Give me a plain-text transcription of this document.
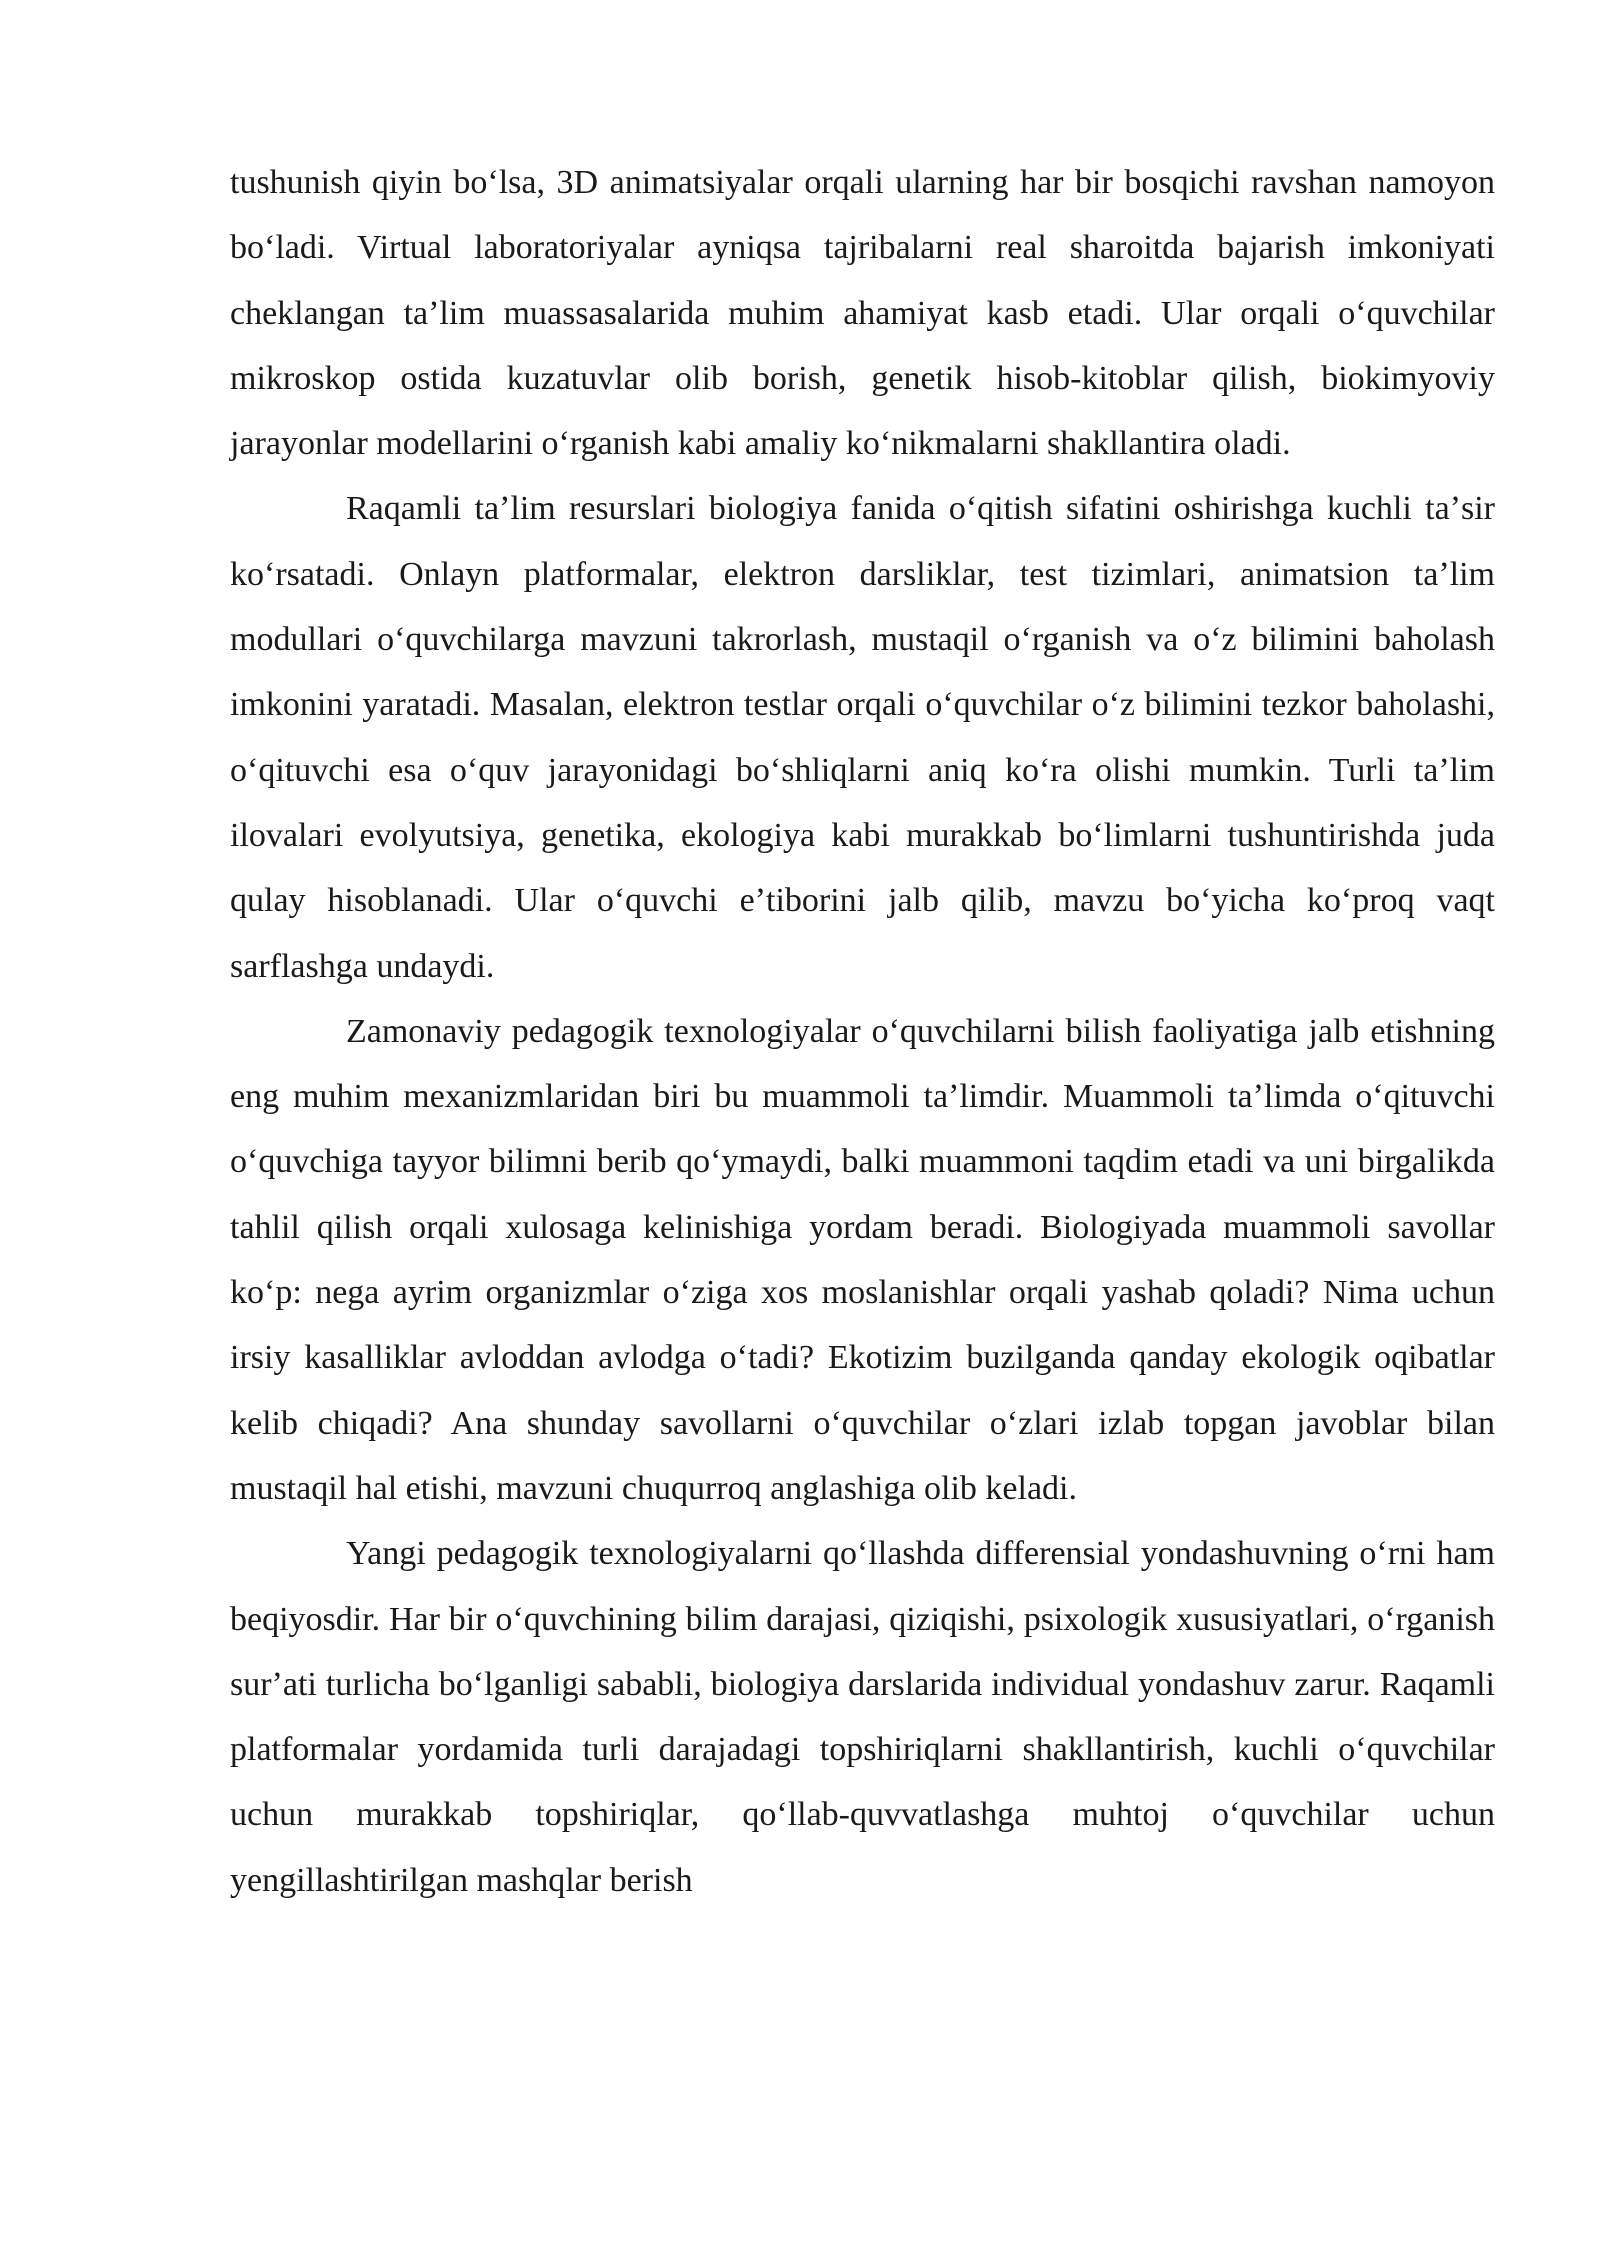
tushunish qiyin boʻlsa, 3D animatsiyalar orqali ularning har bir bosqichi ravshan namoyon boʻladi. Virtual laboratoriyalar ayniqsa tajribalarni real sharoitda bajarish imkoniyati cheklangan taʼlim muassasalarida muhim ahamiyat kasb etadi. Ular orqali oʻquvchilar mikroskop ostida kuzatuvlar olib borish, genetik hisob-kitoblar qilish, biokimyoviy jarayonlar modellarini oʻrganish kabi amaliy koʻnikmalarni shakllantira oladi.

Raqamli taʼlim resurslari biologiya fanida oʻqitish sifatini oshirishga kuchli taʼsir koʻrsatadi. Onlayn platformalar, elektron darsliklar, test tizimlari, animatsion taʼlim modullari oʻquvchilarga mavzuni takrorlash, mustaqil oʻrganish va oʻz bilimini baholash imkonini yaratadi. Masalan, elektron testlar orqali oʻquvchilar oʻz bilimini tezkor baholashi, oʻqituvchi esa oʻquv jarayonidagi boʻshliqlarni aniq koʻra olishi mumkin. Turli taʼlim ilovalari evolyutsiya, genetika, ekologiya kabi murakkab boʻlimlarni tushuntirishda juda qulay hisoblanadi. Ular oʻquvchi eʼtiborini jalb qilib, mavzu boʻyicha koʻproq vaqt sarflashga undaydi.

Zamonaviy pedagogik texnologiyalar oʻquvchilarni bilish faoliyatiga jalb etishning eng muhim mexanizmlaridan biri bu muammoli taʼlimdir. Muammoli taʼlimda oʻqituvchi oʻquvchiga tayyor bilimni berib qoʻymaydi, balki muammoni taqdim etadi va uni birgalikda tahlil qilish orqali xulosaga kelinishiga yordam beradi. Biologiyada muammoli savollar koʻp: nega ayrim organizmlar oʻziga xos moslanishlar orqali yashab qoladi? Nima uchun irsiy kasalliklar avloddan avlodga oʻtadi? Ekotizim buzilganda qanday ekologik oqibatlar kelib chiqadi? Ana shunday savollarni oʻquvchilar oʻzlari izlab topgan javoblar bilan mustaqil hal etishi, mavzuni chuqurroq anglashiga olib keladi.

Yangi pedagogik texnologiyalarni qoʻllashda differensial yondashuvning oʻrni ham beqiyosdir. Har bir oʻquvchining bilim darajasi, qiziqishi, psixologik xususiyatlari, oʻrganish surʼati turlicha boʻlganligi sababli, biologiya darslarida individual yondashuv zarur. Raqamli platformalar yordamida turli darajadagi topshiriqlarni shakllantirish, kuchli oʻquvchilar uchun murakkab topshiriqlar, qoʻllab-quvvatlashga muhtoj oʻquvchilar uchun yengillashtirilgan mashqlar berish
